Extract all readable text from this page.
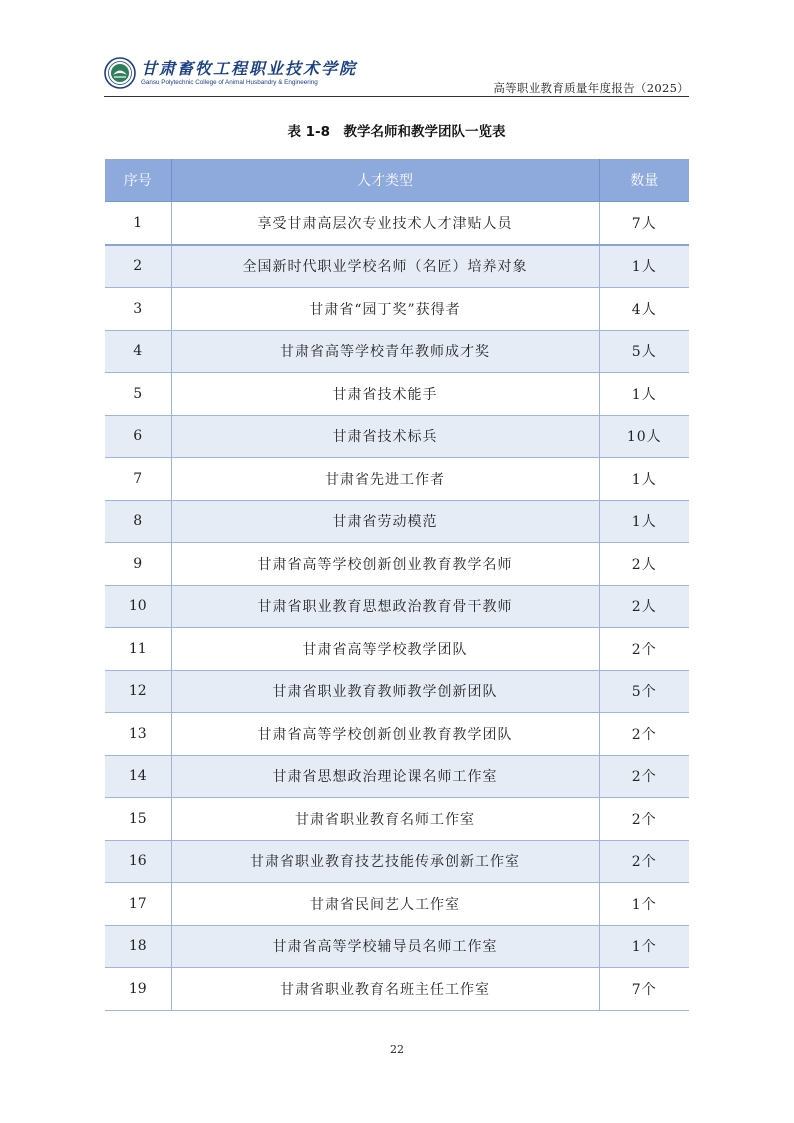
甘肃畜牧工程职业技术学院
Gansu Polytechnic College of Animal Husbandry & Engineering	高等职业教育质量年度报告（2025）
表 1-8　教学名师和教学团队一览表
序号	人才类型	数量
1	享受甘肃高层次专业技术人才津贴人员	7人
2	全国新时代职业学校名师（名匠）培养对象	1人
3	甘肃省“园丁奖”获得者	4人
4	甘肃省高等学校青年教师成才奖	5人
5	甘肃省技术能手	1人
6	甘肃省技术标兵	10人
7	甘肃省先进工作者	1人
8	甘肃省劳动模范	1人
9	甘肃省高等学校创新创业教育教学名师	2人
10	甘肃省职业教育思想政治教育骨干教师	2人
11	甘肃省高等学校教学团队	2个
12	甘肃省职业教育教师教学创新团队	5个
13	甘肃省高等学校创新创业教育教学团队	2个
14	甘肃省思想政治理论课名师工作室	2个
15	甘肃省职业教育名师工作室	2个
16	甘肃省职业教育技艺技能传承创新工作室	2个
17	甘肃省民间艺人工作室	1个
18	甘肃省高等学校辅导员名师工作室	1个
19	甘肃省职业教育名班主任工作室	7个
22
